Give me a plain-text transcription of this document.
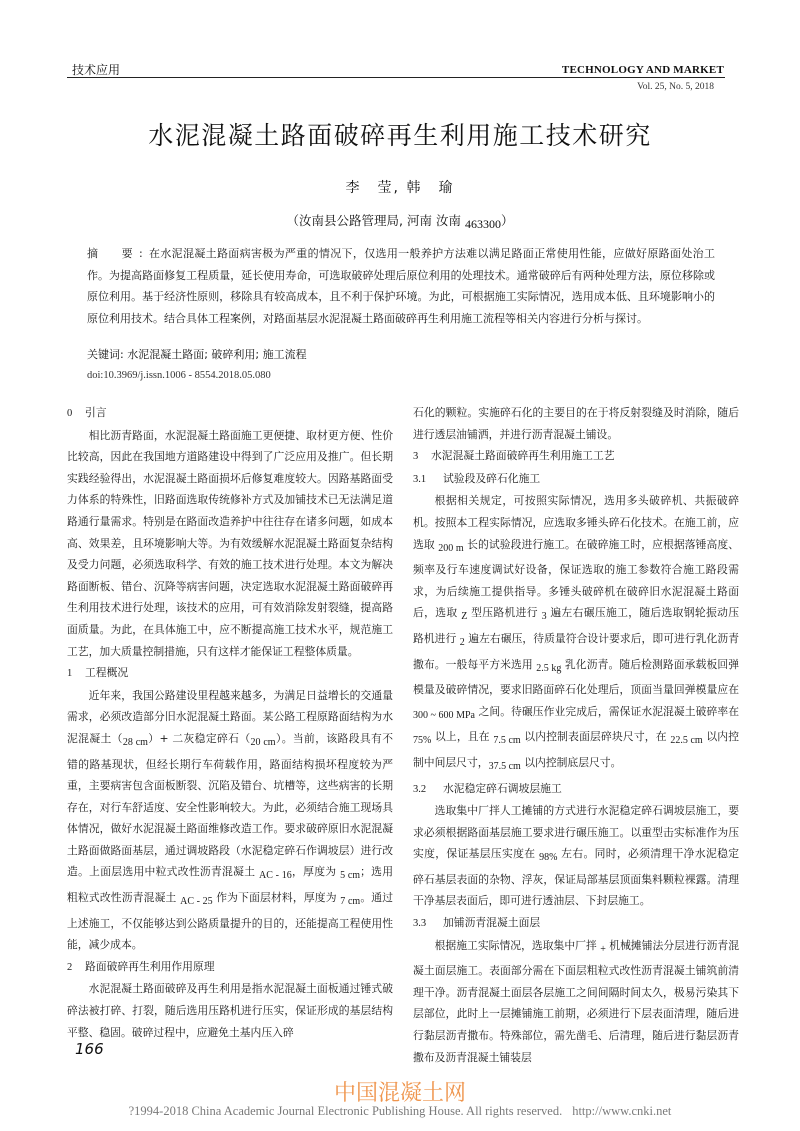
技术应用	TECHNOLOGY AND MARKET
Vol. 25, No. 5, 2018
水泥混凝土路面破碎再生利用施工技术研究
李　莹, 韩　瑜
（汝南县公路管理局, 河南 汝南 463300）
摘　要:在水泥混凝土路面病害极为严重的情况下，仅选用一般养护方法难以满足路面正常使用性能，应做好原路面处治工作。为提高路面修复工程质量，延长使用寿命，可选取破碎处理后原位利用的处理技术。通常破碎后有两种处理方法，原位移除或原位利用。基于经济性原则，移除具有较高成本，且不利于保护环境。为此，可根据施工实际情况，选用成本低、且环境影响小的原位利用技术。结合具体工程案例，对路面基层水泥混凝土路面破碎再生利用施工流程等相关内容进行分析与探讨。
关键词: 水泥混凝土路面; 破碎利用; 施工流程
doi:10.3969/j.issn.1006 - 8554.2018.05.080
0 引言

相比沥青路面，水泥混凝土路面施工更便捷、取材更方便、性价比较高，因此在我国地方道路建设中得到了广泛应用及推广。但长期实践经验得出，水泥混凝土路面损坏后修复难度较大。因路基路面受力体系的特殊性，旧路面选取传统修补方式及加铺技术已无法满足道路通行量需求。特别是在路面改造养护中往往存在诸多问题，如成本高、效果差，且环境影响大等。为有效缓解水泥混凝土路面复杂结构及受力问题，必须选取科学、有效的施工技术进行处理。本文为解决路面断板、错台、沉降等病害问题，决定选取水泥混凝土路面破碎再生利用技术进行处理，该技术的应用，可有效消除发射裂缝，提高路面质量。为此，在具体施工中，应不断提高施工技术水平，规范施工工艺，加大质量控制措施，只有这样才能保证工程整体质量。

1 工程概况

近年来，我国公路建设里程越来越多，为满足日益增长的交通量需求，必须改造部分旧水泥混凝土路面。某公路工程原路面结构为水泥混凝土（28 cm）+ 二灰稳定碎石（20 cm）。当前，该路段具有不错的路基现状，但经长期行车荷载作用，路面结构损坏程度较为严重，主要病害包含面板断裂、沉陷及错台、坑槽等，这些病害的长期存在，对行车舒适度、安全性影响较大。为此，必须结合施工现场具体情况，做好水泥混凝土路面维修改造工作。要求破碎原旧水泥混凝土路面做路面基层，通过调坡路段（水泥稳定碎石作调坡层）进行改造。上面层选用中粒式改性沥青混凝土 AC - 16，厚度为 5 cm；选用粗粒式改性沥青混凝土 AC - 25 作为下面层材料，厚度为 7 cm。通过上述施工，不仅能够达到公路质量提升的目的，还能提高工程使用性能，减少成本。

2 路面破碎再生利用作用原理

水泥混凝土路面破碎及再生利用是指水泥混凝土面板通过锤式破碎法被打碎、打裂，随后选用压路机进行压实，保证形成的基层结构平整、稳固。破碎过程中，应避免土基内压入碎

石化的颗粒。实施碎石化的主要目的在于将反射裂缝及时消除，随后进行透层油铺洒，并进行沥青混凝土铺设。

3 水泥混凝土路面破碎再生利用施工工艺
3.1 试验段及碎石化施工

根据相关规定，可按照实际情况，选用多头破碎机、共振破碎机。按照本工程实际情况，应选取多锤头碎石化技术。在施工前，应选取 200 m 长的试验段进行施工。在破碎施工时，应根据落锤高度、频率及行车速度调试好设备，保证选取的施工参数符合施工路段需求，为后续施工提供指导。多锤头破碎机在破碎旧水泥混凝土路面后，选取 Z 型压路机进行 3 遍左右碾压施工，随后选取钢轮振动压路机进行 2 遍左右碾压，待质量符合设计要求后，即可进行乳化沥青撒布。一般每平方米选用 2.5 kg 乳化沥青。随后检测路面承载板回弹模量及破碎情况，要求旧路面碎石化处理后，顶面当量回弹模量应在 300 ~ 600 MPa 之间。待碾压作业完成后，需保证水泥混凝土破碎率在 75% 以上，且在 7.5 cm 以内控制表面层碎块尺寸，在 22.5 cm 以内控制中间层尺寸，37.5 cm 以内控制底层尺寸。

3.2 水泥稳定碎石调坡层施工

选取集中厂拌人工摊铺的方式进行水泥稳定碎石调坡层施工，要求必须根据路面基层施工要求进行碾压施工。以重型击实标准作为压实度，保证基层压实度在 98% 左右。同时，必须清理干净水泥稳定碎石基层表面的杂物、浮灰，保证局部基层顶面集料颗粒裸露。清理干净基层表面后，即可进行透油层、下封层施工。

3.3 加铺沥青混凝土面层

根据施工实际情况，选取集中厂拌 + 机械摊铺法分层进行沥青混凝土面层施工。表面部分需在下面层粗粒式改性沥青混凝土铺筑前清理干净。沥青混凝土面层各层施工之间间隔时间太久，极易污染其下层部位，此时上一层摊铺施工前期，必须进行下层表面清理，随后进行黏层沥青撒布。特殊部位，需先凿毛、后清理，随后进行黏层沥青撒布及沥青混凝土铺装层

166
?1994-2018 China Academic Journal Electronic Publishing House. All rights reserved. http://www.cnki.net
中国混凝土网
